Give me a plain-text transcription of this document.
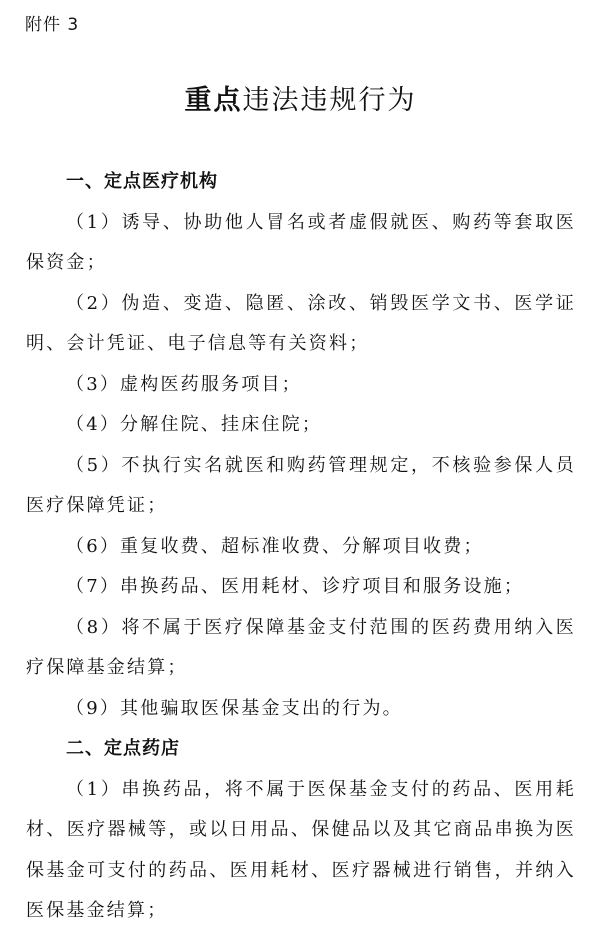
附件 3
重点违法违规行为
一、定点医疗机构

（1）诱导、协助他人冒名或者虚假就医、购药等套取医保资金；

（2）伪造、变造、隐匿、涂改、销毁医学文书、医学证明、会计凭证、电子信息等有关资料；

（3）虚构医药服务项目；

（4）分解住院、挂床住院；

（5）不执行实名就医和购药管理规定，不核验参保人员医疗保障凭证；

（6）重复收费、超标准收费、分解项目收费；

（7）串换药品、医用耗材、诊疗项目和服务设施；

（8）将不属于医疗保障基金支付范围的医药费用纳入医疗保障基金结算；

（9）其他骗取医保基金支出的行为。

二、定点药店

（1）串换药品，将不属于医保基金支付的药品、医用耗材、医疗器械等，或以日用品、保健品以及其它商品串换为医保基金可支付的药品、医用耗材、医疗器械进行销售，并纳入医保基金结算；
